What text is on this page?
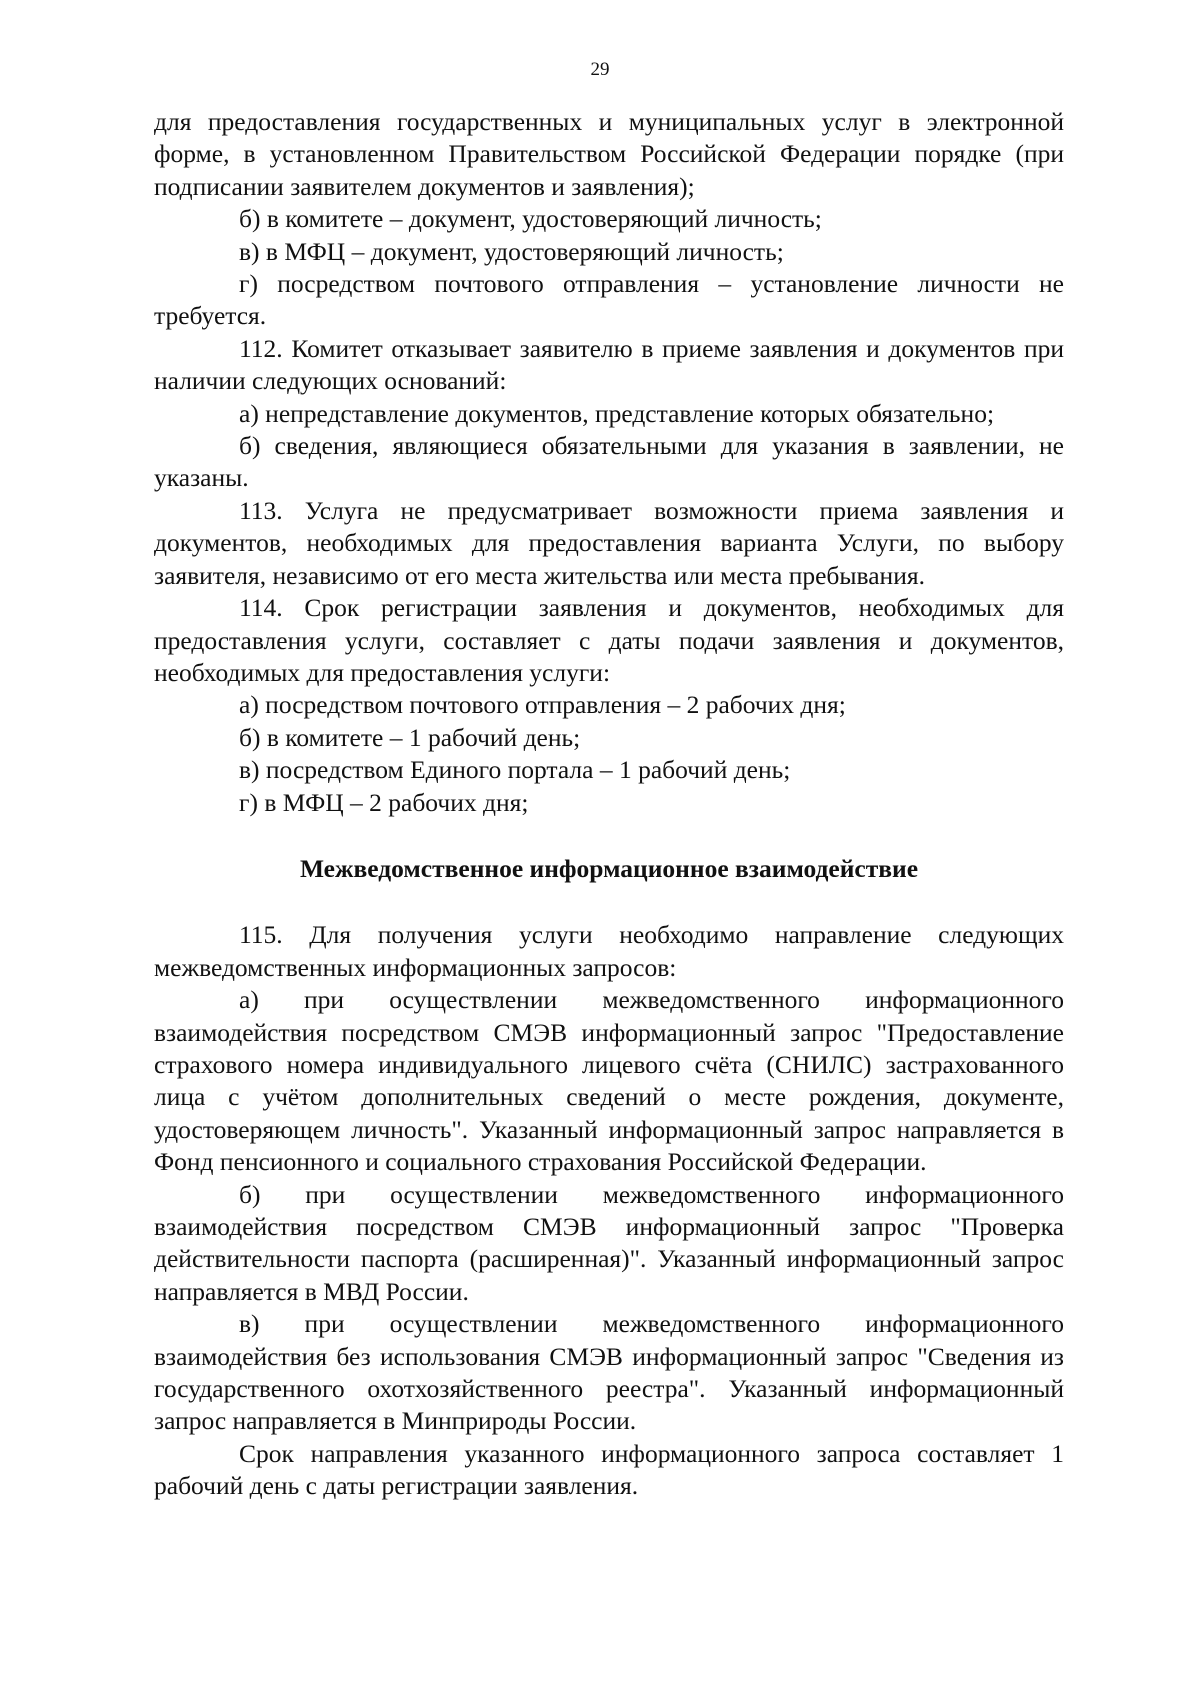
29

для предоставления государственных и муниципальных услуг в электронной форме, в установленном Правительством Российской Федерации порядке (при подписании заявителем документов и заявления);

б) в комитете – документ, удостоверяющий личность;

в) в МФЦ – документ, удостоверяющий личность;

г) посредством почтового отправления – установление личности не требуется.

112. Комитет отказывает заявителю в приеме заявления и документов при наличии следующих оснований:

а) непредставление документов, представление которых обязательно;

б) сведения, являющиеся обязательными для указания в заявлении, не указаны.

113. Услуга не предусматривает возможности приема заявления и документов, необходимых для предоставления варианта Услуги, по выбору заявителя, независимо от его места жительства или места пребывания.

114. Срок регистрации заявления и документов, необходимых для предоставления услуги, составляет с даты подачи заявления и документов, необходимых для предоставления услуги:

а) посредством почтового отправления – 2 рабочих дня;

б) в комитете – 1 рабочий день;

в) посредством Единого портала – 1 рабочий день;

г) в МФЦ – 2 рабочих дня;

Межведомственное информационное взаимодействие

115. Для получения услуги необходимо направление следующих межведомственных информационных запросов:

а) при осуществлении межведомственного информационного взаимодействия посредством СМЭВ информационный запрос "Предоставление страхового номера индивидуального лицевого счёта (СНИЛС) застрахованного лица с учётом дополнительных сведений о месте рождения, документе, удостоверяющем личность". Указанный информационный запрос направляется в Фонд пенсионного и социального страхования Российской Федерации.

б) при осуществлении межведомственного информационного взаимодействия посредством СМЭВ информационный запрос "Проверка действительности паспорта (расширенная)". Указанный информационный запрос направляется в МВД России.

в) при осуществлении межведомственного информационного взаимодействия без использования СМЭВ информационный запрос "Сведения из государственного охотхозяйственного реестра". Указанный информационный запрос направляется в Минприроды России.

Срок направления указанного информационного запроса составляет 1 рабочий день с даты регистрации заявления.
